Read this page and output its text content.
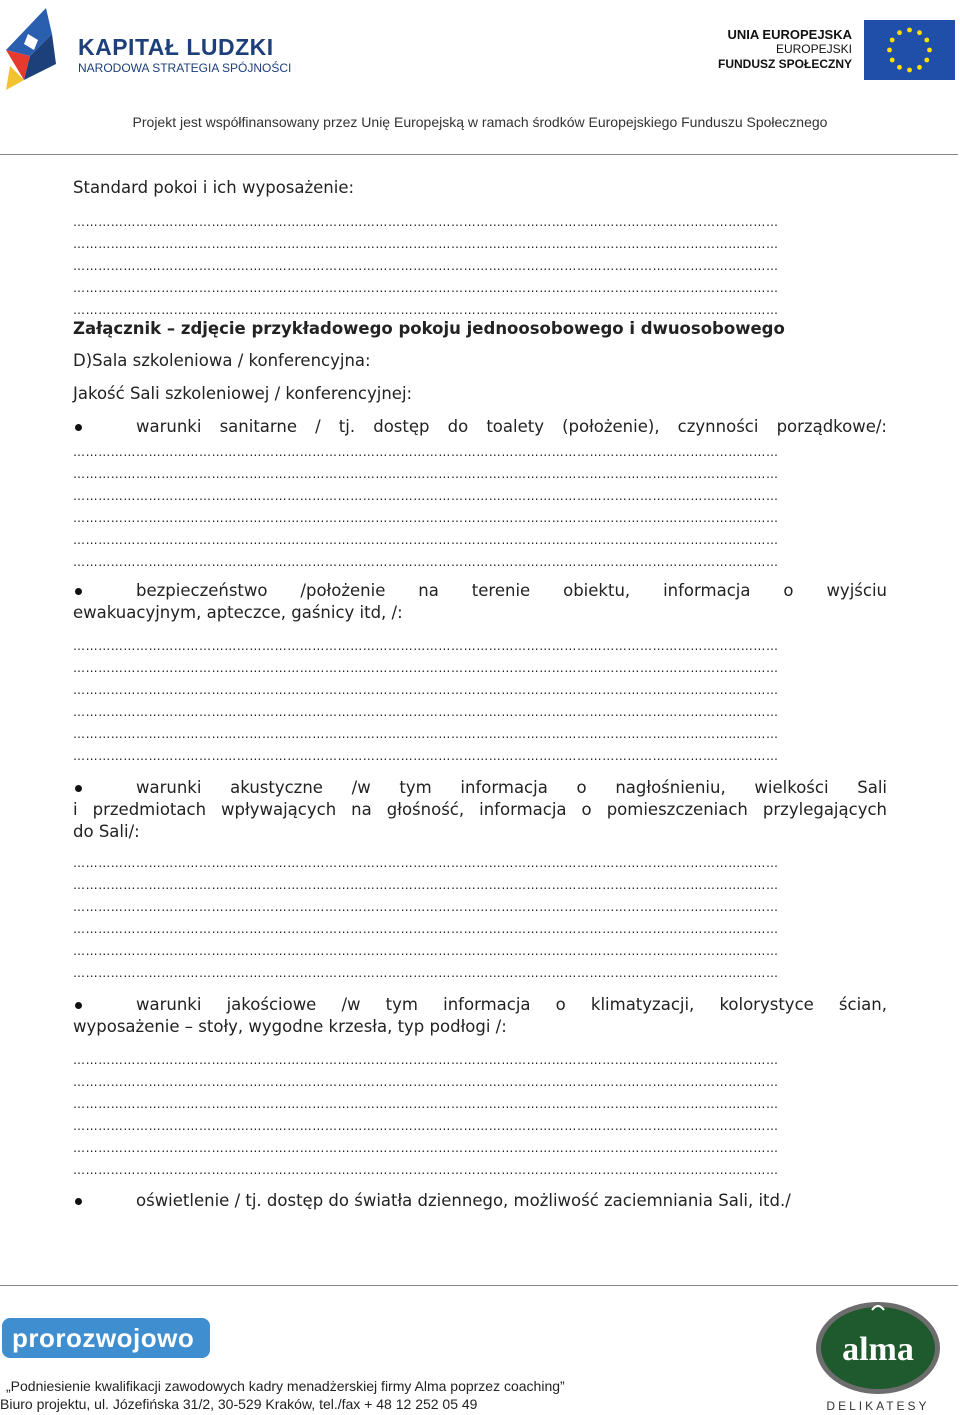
KAPITAŁ LUDZKI
NARODOWA STRATEGIA SPÓJNOŚCI
UNIA EUROPEJSKA
EUROPEJSKI
FUNDUSZ SPOŁECZNY
Projekt jest współfinansowany przez Unię Europejską w ramach środków Europejskiego Funduszu Społecznego
Standard pokoi i ich wyposażenie:
……………………………………………………………………………………………………………………………………………………
……………………………………………………………………………………………………………………………………………………
……………………………………………………………………………………………………………………………………………………
……………………………………………………………………………………………………………………………………………………
……………………………………………………………………………………………………………………………………………………
Załącznik – zdjęcie przykładowego pokoju jednoosobowego i dwuosobowego
D)Sala szkoleniowa / konferencyjna:
Jakość Sali szkoleniowej / konferencyjnej:
warunki sanitarne / tj. dostęp do toalety (położenie), czynności porządkowe/:
……………………………………………………………………………………………………………………………………………………
……………………………………………………………………………………………………………………………………………………
……………………………………………………………………………………………………………………………………………………
……………………………………………………………………………………………………………………………………………………
……………………………………………………………………………………………………………………………………………………
……………………………………………………………………………………………………………………………………………………
bezpieczeństwo /położenie na terenie obiektu, informacja o wyjściu
ewakuacyjnym, apteczce, gaśnicy itd, /:
……………………………………………………………………………………………………………………………………………………
……………………………………………………………………………………………………………………………………………………
……………………………………………………………………………………………………………………………………………………
……………………………………………………………………………………………………………………………………………………
……………………………………………………………………………………………………………………………………………………
……………………………………………………………………………………………………………………………………………………
warunki akustyczne /w tym informacja o nagłośnieniu, wielkości Sali
i przedmiotach wpływających na głośność, informacja o pomieszczeniach przylegających
do Sali/:
……………………………………………………………………………………………………………………………………………………
……………………………………………………………………………………………………………………………………………………
……………………………………………………………………………………………………………………………………………………
……………………………………………………………………………………………………………………………………………………
……………………………………………………………………………………………………………………………………………………
……………………………………………………………………………………………………………………………………………………
warunki jakościowe /w tym informacja o klimatyzacji, kolorystyce ścian,
wyposażenie – stoły, wygodne krzesła, typ podłogi /:
……………………………………………………………………………………………………………………………………………………
……………………………………………………………………………………………………………………………………………………
……………………………………………………………………………………………………………………………………………………
……………………………………………………………………………………………………………………………………………………
……………………………………………………………………………………………………………………………………………………
……………………………………………………………………………………………………………………………………………………
oświetlenie / tj. dostęp do światła dziennego, możliwość zaciemniania Sali, itd./
prorozwojowo	alma
DELIKATESY
„Podniesienie kwalifikacji zawodowych kadry menadżerskiej firmy Alma poprzez coaching”
Biuro projektu, ul. Józefińska 31/2, 30-529 Kraków, tel./fax + 48 12 252 05 49
